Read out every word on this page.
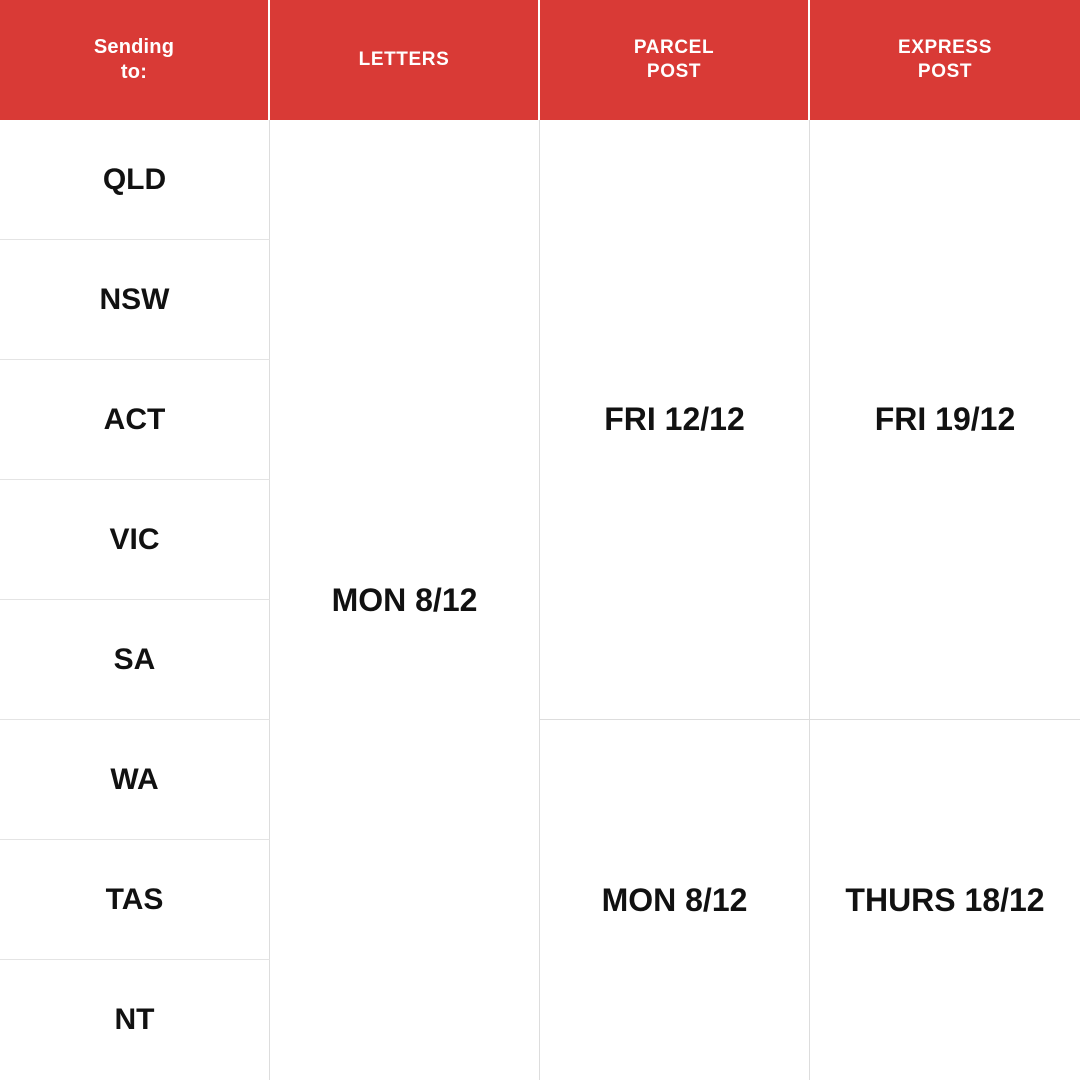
Sending
to:
LETTERS
PARCEL
POST
EXPRESS
POST
QLD
NSW
ACT
VIC
SA
WA
TAS
NT
MON 8/12
FRI 12/12
MON 8/12
FRI 19/12
THURS 18/12
